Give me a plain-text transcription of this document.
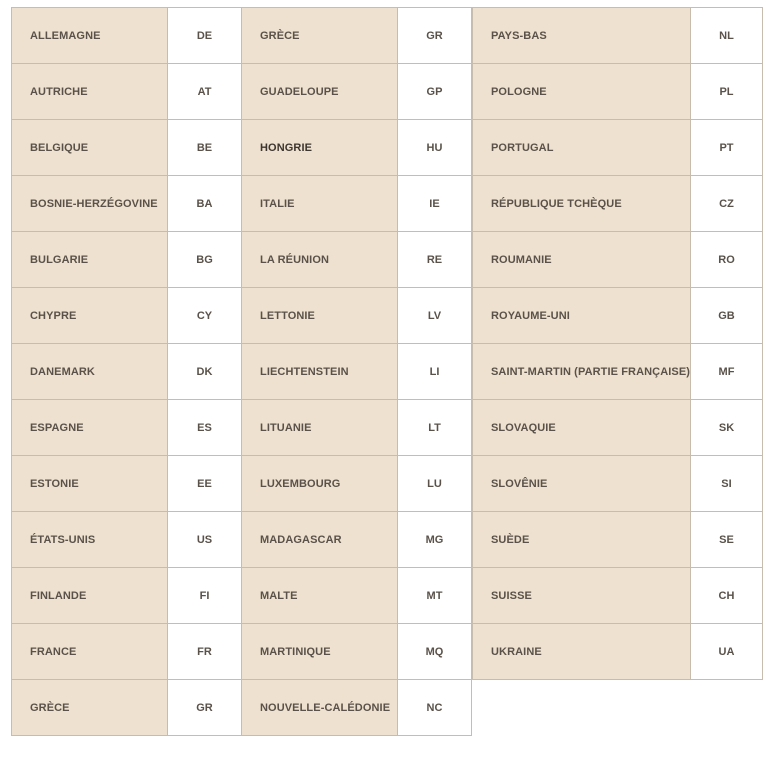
ALLEMAGNE	DE
AUTRICHE	AT
BELGIQUE	BE
BOSNIE-HERZÉGOVINE	BA
BULGARIE	BG
CHYPRE	CY
DANEMARK	DK
ESPAGNE	ES
ESTONIE	EE
ÉTATS-UNIS	US
FINLANDE	FI
FRANCE	FR
GRÈCE	GR
GRÈCE	GR
GUADELOUPE	GP
HONGRIE	HU
ITALIE	IE
LA RÉUNION	RE
LETTONIE	LV
LIECHTENSTEIN	LI
LITUANIE	LT
LUXEMBOURG	LU
MADAGASCAR	MG
MALTE	MT
MARTINIQUE	MQ
NOUVELLE-CALÉDONIE	NC
PAYS-BAS	NL
POLOGNE	PL
PORTUGAL	PT
RÉPUBLIQUE TCHÈQUE	CZ
ROUMANIE	RO
ROYAUME-UNI	GB
SAINT-MARTIN (PARTIE FRANÇAISE)	MF
SLOVAQUIE	SK
SLOVÊNIE	SI
SUÈDE	SE
SUISSE	CH
UKRAINE	UA
